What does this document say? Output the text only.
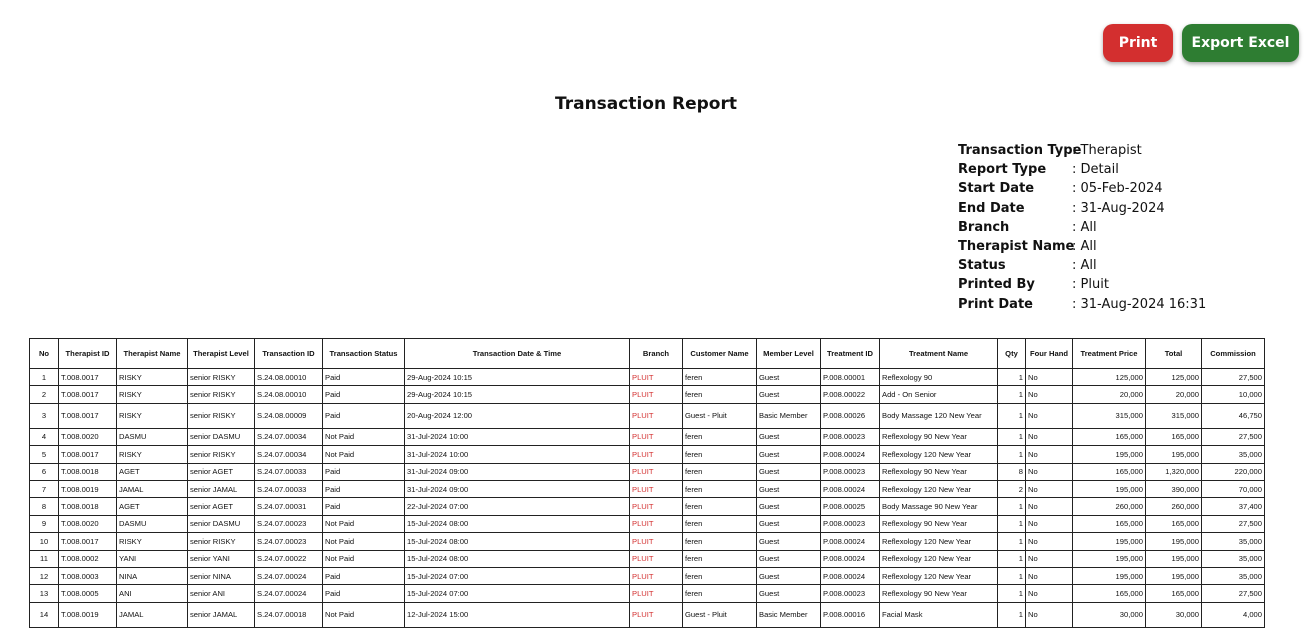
Print	Export Excel
Transaction Report
Transaction Type: Therapist
Report Type : Detail
Start Date	: 05-Feb-2024
End Date	: 31-Aug-2024
Branch	: All
Therapist Name: All
Status	: All
Printed By	: Pluit
Print Date	: 31-Aug-2024 16:31
No	Therapist ID	Therapist Name	Therapist Level	Transaction ID	Transaction Status	Transaction Date & Time	Branch	Customer Name	Member Level	Treatment ID	Treatment Name	Qty	Four Hand	Treatment Price	Total	Commission
1	T.008.0017	RISKY	senior RISKY	S.24.08.00010	Paid	29-Aug-2024 10:15	PLUIT	feren	Guest	P.008.00001	Reflexology 90	1	No	125,000	125,000	27,500
2	T.008.0017	RISKY	senior RISKY	S.24.08.00010	Paid	29-Aug-2024 10:15	PLUIT	feren	Guest	P.008.00022	Add - On Senior	1	No	20,000	20,000	10,000
3	T.008.0017	RISKY	senior RISKY	S.24.08.00009	Paid	20-Aug-2024 12:00	PLUIT	Guest - Pluit	Basic Member	P.008.00026	Body Massage 120 New Year	1	No	315,000	315,000	46,750
4	T.008.0020	DASMU	senior DASMU	S.24.07.00034	Not Paid	31-Jul-2024 10:00	PLUIT	feren	Guest	P.008.00023	Reflexology 90 New Year	1	No	165,000	165,000	27,500
5	T.008.0017	RISKY	senior RISKY	S.24.07.00034	Not Paid	31-Jul-2024 10:00	PLUIT	feren	Guest	P.008.00024	Reflexology 120 New Year	1	No	195,000	195,000	35,000
6	T.008.0018	AGET	senior AGET	S.24.07.00033	Paid	31-Jul-2024 09:00	PLUIT	feren	Guest	P.008.00023	Reflexology 90 New Year	8	No	165,000	1,320,000	220,000
7	T.008.0019	JAMAL	senior JAMAL	S.24.07.00033	Paid	31-Jul-2024 09:00	PLUIT	feren	Guest	P.008.00024	Reflexology 120 New Year	2	No	195,000	390,000	70,000
8	T.008.0018	AGET	senior AGET	S.24.07.00031	Paid	22-Jul-2024 07:00	PLUIT	feren	Guest	P.008.00025	Body Massage 90 New Year	1	No	260,000	260,000	37,400
9	T.008.0020	DASMU	senior DASMU	S.24.07.00023	Not Paid	15-Jul-2024 08:00	PLUIT	feren	Guest	P.008.00023	Reflexology 90 New Year	1	No	165,000	165,000	27,500
10	T.008.0017	RISKY	senior RISKY	S.24.07.00023	Not Paid	15-Jul-2024 08:00	PLUIT	feren	Guest	P.008.00024	Reflexology 120 New Year	1	No	195,000	195,000	35,000
11	T.008.0002	YANI	senior YANI	S.24.07.00022	Not Paid	15-Jul-2024 08:00	PLUIT	feren	Guest	P.008.00024	Reflexology 120 New Year	1	No	195,000	195,000	35,000
12	T.008.0003	NINA	senior NINA	S.24.07.00024	Paid	15-Jul-2024 07:00	PLUIT	feren	Guest	P.008.00024	Reflexology 120 New Year	1	No	195,000	195,000	35,000
13	T.008.0005	ANI	senior ANI	S.24.07.00024	Paid	15-Jul-2024 07:00	PLUIT	feren	Guest	P.008.00023	Reflexology 90 New Year	1	No	165,000	165,000	27,500
14	T.008.0019	JAMAL	senior JAMAL	S.24.07.00018	Not Paid	12-Jul-2024 15:00	PLUIT	Guest - Pluit	Basic Member	P.008.00016	Facial Mask	1	No	30,000	30,000	4,000
